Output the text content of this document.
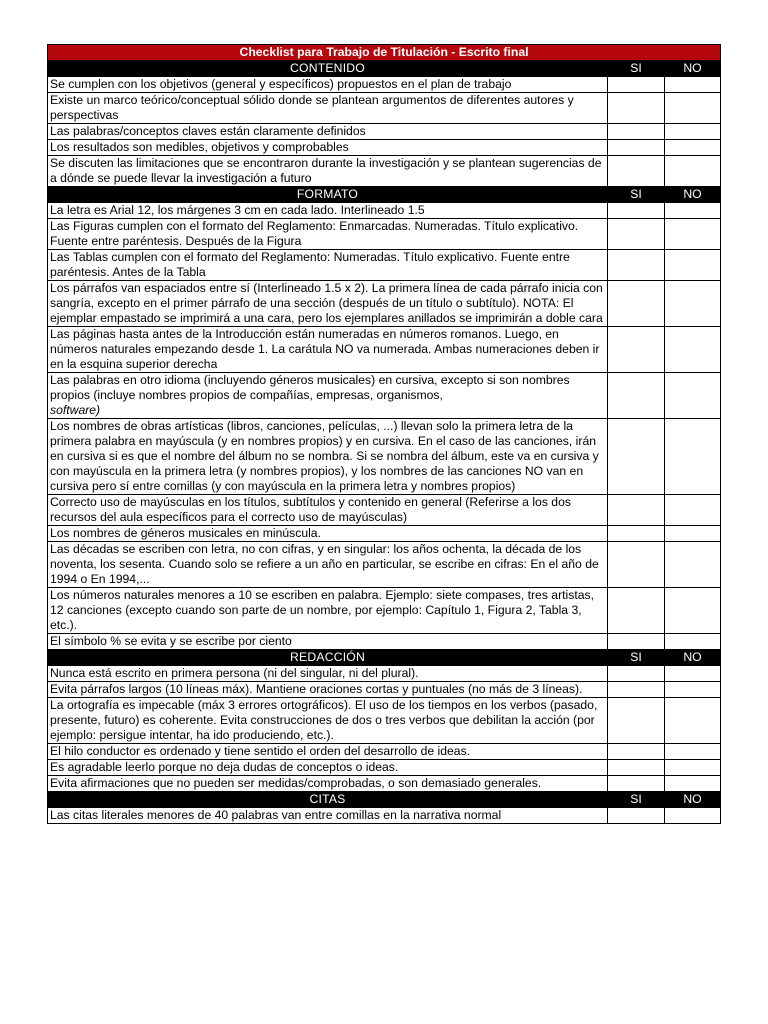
Checklist para Trabajo de Titulación - Escrito final		
CONTENIDO	SI	NO
Se cumplen con los objetivos (general y específicos) propuestos en el plan de trabajo		
Existe un marco teórico/conceptual sólido donde se plantean argumentos de diferentes autores y perspectivas		
Las palabras/conceptos claves están claramente definidos		
Los resultados son medibles, objetivos y comprobables		
Se discuten las limitaciones que se encontraron durante la investigación y se plantean sugerencias de a dónde se puede llevar la investigación a futuro		
FORMATO	SI	NO
La letra es Arial 12, los márgenes 3 cm en cada lado. Interlineado 1.5		
Las Figuras cumplen con el formato del Reglamento: Enmarcadas. Numeradas. Título explicativo. Fuente entre paréntesis. Después de la Figura		
Las Tablas cumplen con el formato del Reglamento: Numeradas. Título explicativo. Fuente entre paréntesis. Antes de la Tabla		
Los párrafos van espaciados entre sí (Interlineado 1.5 x 2). La primera línea de cada párrafo inicia con sangría, excepto en el primer párrafo de una sección (después de un título o subtítulo). NOTA: El ejemplar empastado se imprimirá a una cara, pero los ejemplares anillados se imprimirán a doble cara		
Las páginas hasta antes de la Introducción están numeradas en números romanos. Luego, en números naturales empezando desde 1. La carátula NO va numerada. Ambas numeraciones deben ir en la esquina superior derecha		
Las palabras en otro idioma (incluyendo géneros musicales) en cursiva, excepto si son nombres propios (incluye nombres propios de compañías, empresas, organismos,
software)		
Los nombres de obras artísticas (libros, canciones, películas, ...) llevan solo la primera letra de la primera palabra en mayúscula (y en nombres propios) y en cursiva. En el caso de las canciones, irán en cursiva si es que el nombre del álbum no se nombra. Si se nombra del álbum, este va en cursiva y con mayúscula en la primera letra (y nombres propios), y los nombres de las canciones NO van en cursiva pero sí entre comillas (y con mayúscula en la primera letra y nombres propios)		
Correcto uso de mayúsculas en los títulos, subtítulos y contenido en general (Referirse a los dos recursos del aula específicos para el correcto uso de mayúsculas)		
Los nombres de géneros musicales en minúscula.		
Las décadas se escriben con letra, no con cifras, y en singular: los años ochenta, la década de los noventa, los sesenta. Cuando solo se refiere a un año en particular, se escribe en cifras: En el año de 1994 o En 1994,...		
Los números naturales menores a 10 se escriben en palabra. Ejemplo: siete compases, tres artistas, 12 canciones (excepto cuando son parte de un nombre, por ejemplo: Capítulo 1, Figura 2, Tabla 3, etc.).		
El símbolo % se evita y se escribe por ciento		
REDACCIÓN	SI	NO
Nunca está escrito en primera persona (ni del singular, ni del plural).		
Evita párrafos largos (10 líneas máx). Mantiene oraciones cortas y puntuales (no más de 3 líneas).		
La ortografía es impecable (máx 3 errores ortográficos). El uso de los tiempos en los verbos (pasado, presente, futuro) es coherente. Evita construcciones de dos o tres verbos que debilitan la acción (por ejemplo: persigue intentar, ha ido produciendo, etc.).		
El hilo conductor es ordenado y tiene sentido el orden del desarrollo de ideas.		
Es agradable leerlo porque no deja dudas de conceptos o ideas.		
Evita afirmaciones que no pueden ser medidas/comprobadas, o son demasiado generales.		
CITAS	SI	NO
Las citas literales menores de 40 palabras van entre comillas en la narrativa normal		
